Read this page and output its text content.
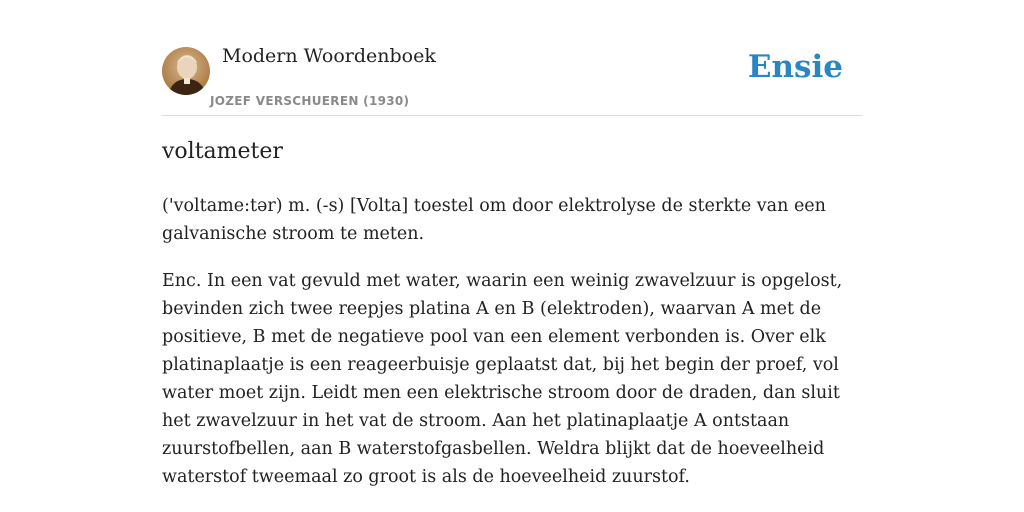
Modern Woordenboek
JOZEF VERSCHUEREN (1930)
Ensie
voltameter

('voltame:tər) m. (-s) [Volta] toestel om door elektrolyse de sterkte van een galvanische stroom te meten.

Enc. In een vat gevuld met water, waarin een weinig zwavelzuur is opgelost, bevinden zich twee reepjes platina A en B (elektroden), waarvan A met de positieve, B met de negatieve pool van een element verbonden is. Over elk platinaplaatje is een reageerbuisje geplaatst dat, bij het begin der proef, vol water moet zijn. Leidt men een elektrische stroom door de draden, dan sluit het zwavelzuur in het vat de stroom. Aan het platinaplaatje A ontstaan zuurstofbellen, aan B waterstofgasbellen. Weldra blijkt dat de hoeveelheid waterstof tweemaal zo groot is als de hoeveelheid zuurstof.
